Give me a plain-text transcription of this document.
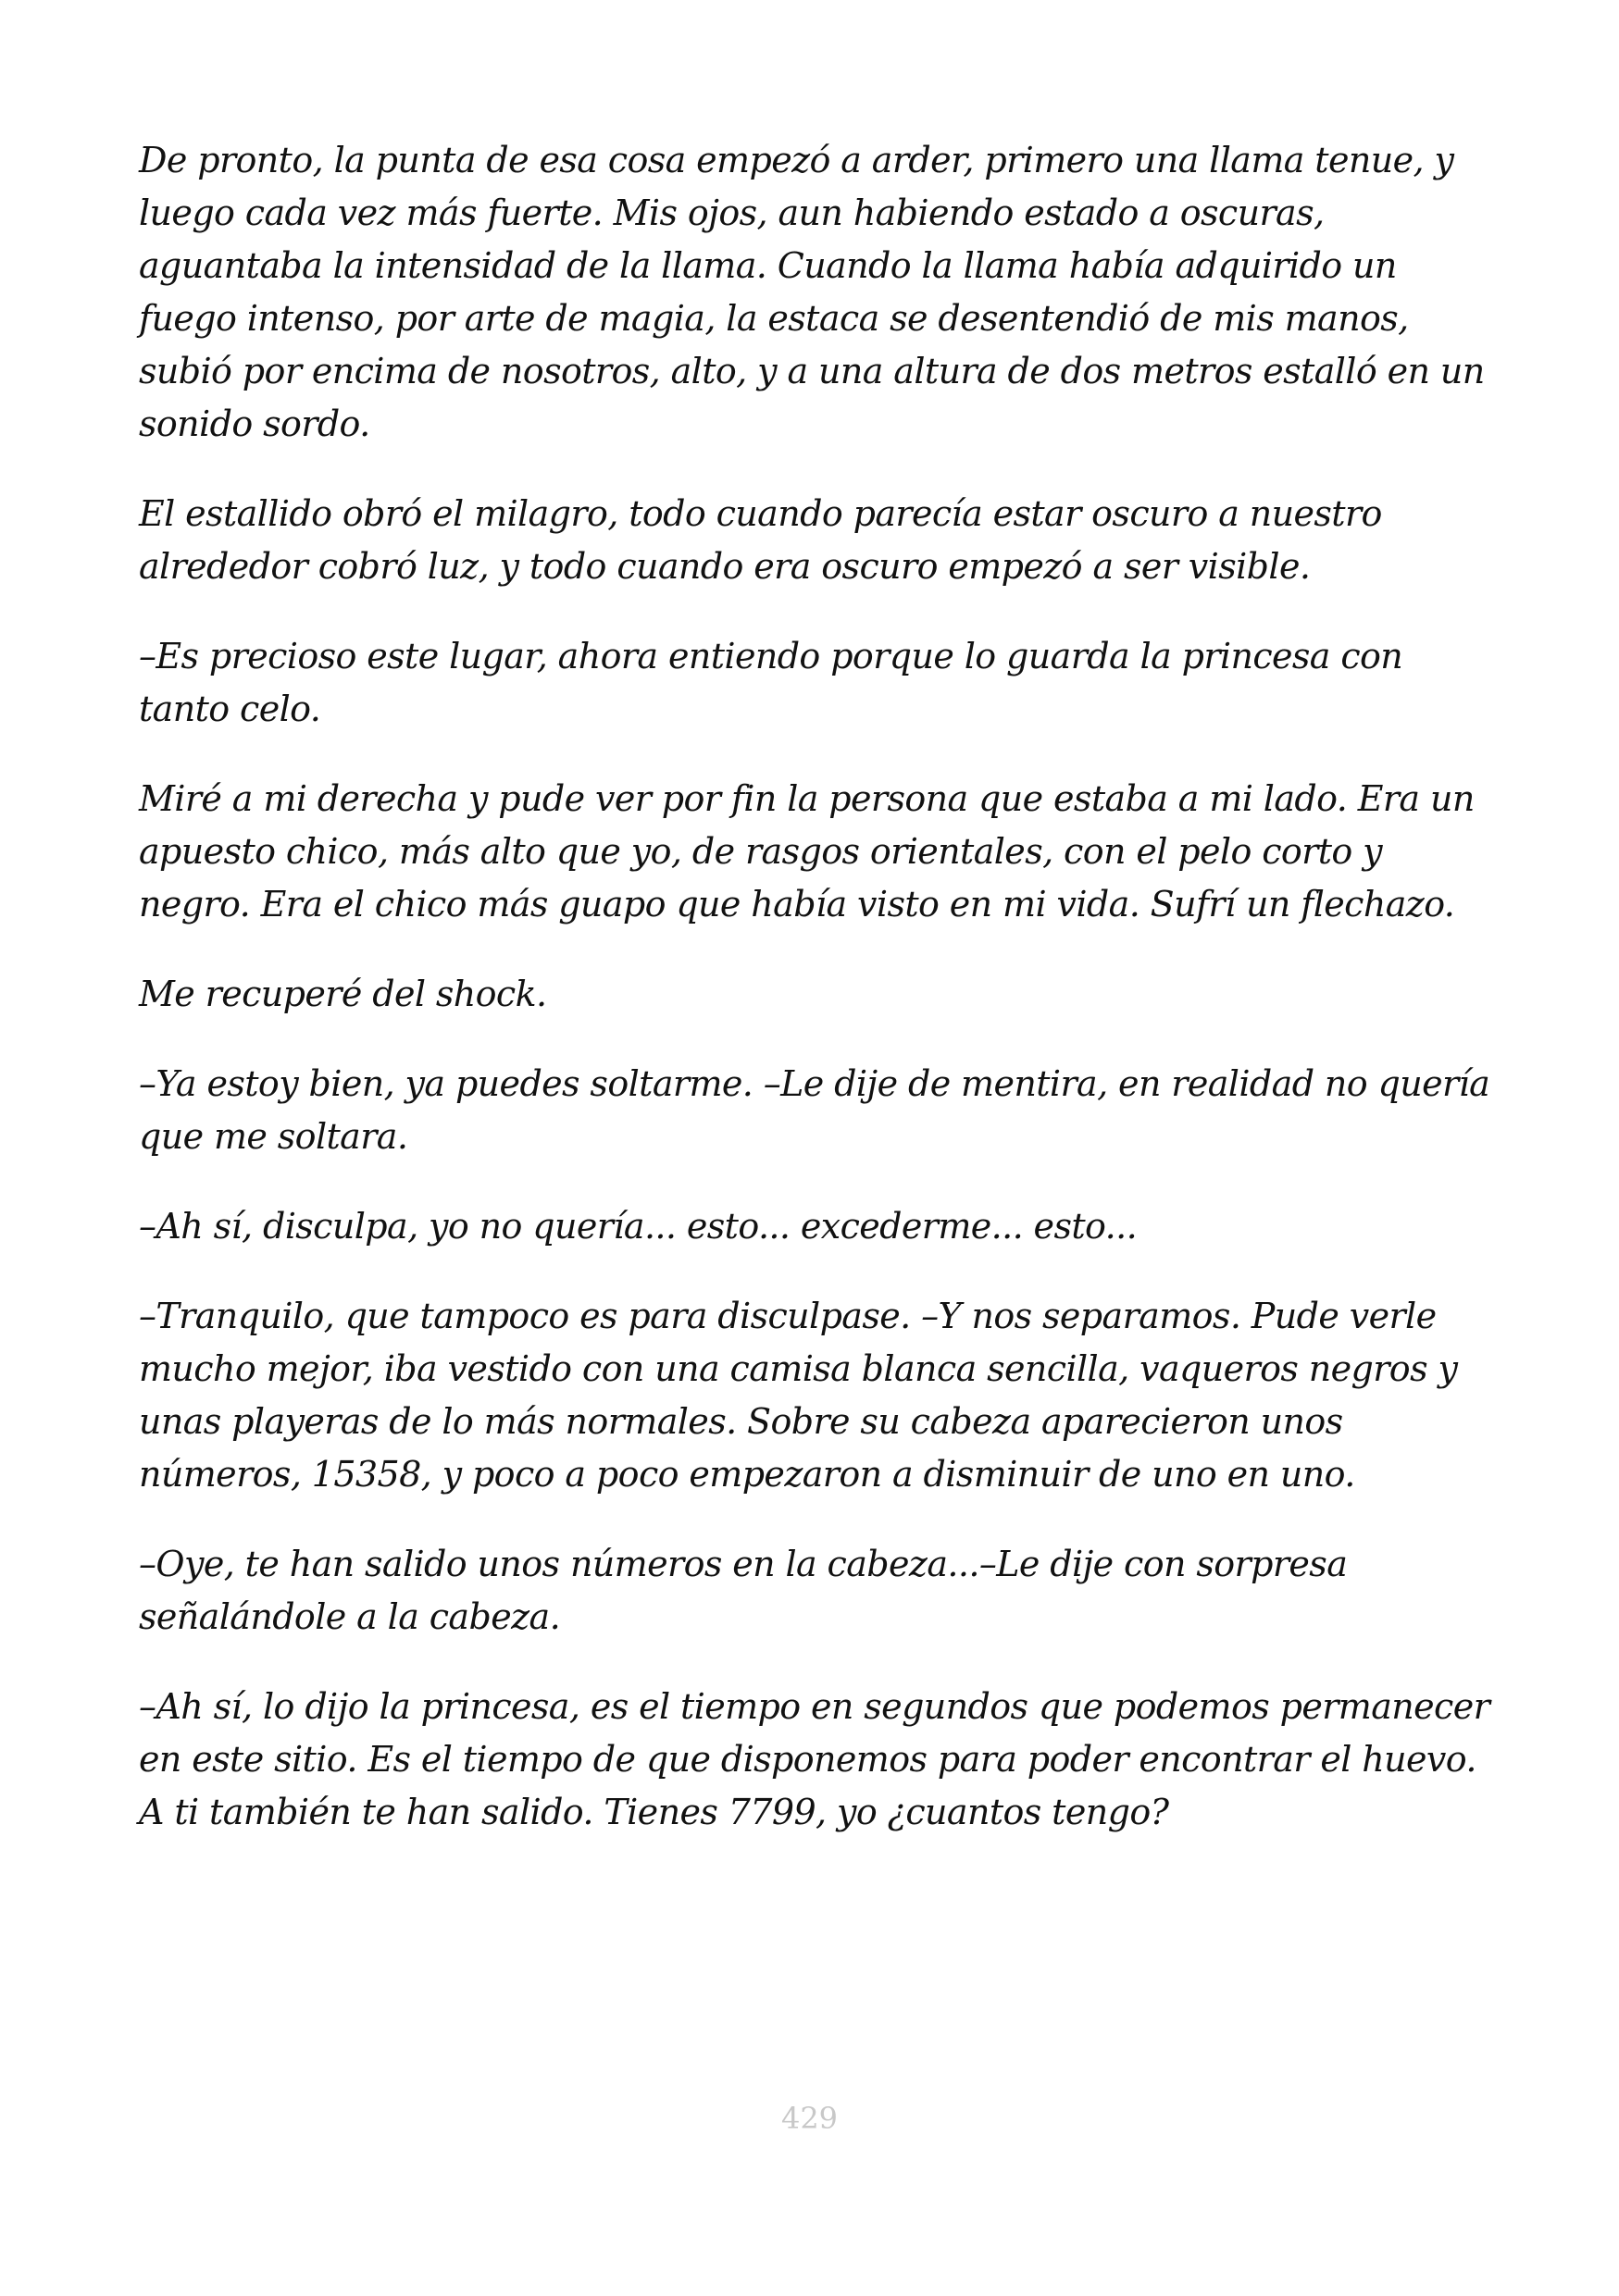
De pronto, la punta de esa cosa empezó a arder, primero una llama tenue, y luego cada vez más fuerte. Mis ojos, aun habiendo estado a oscuras, aguantaba la intensidad de la llama. Cuando la llama había adquirido un fuego intenso, por arte de magia, la estaca se desentendió de mis manos, subió por encima de nosotros, alto, y a una altura de dos metros estalló en un sonido sordo.

El estallido obró el milagro, todo cuando parecía estar oscuro a nuestro alrededor cobró luz, y todo cuando era oscuro empezó a ser visible.

–Es precioso este lugar, ahora entiendo porque lo guarda la princesa con tanto celo.

Miré a mi derecha y pude ver por fin la persona que estaba a mi lado. Era un apuesto chico, más alto que yo, de rasgos orientales, con el pelo corto y negro. Era el chico más guapo que había visto en mi vida. Sufrí un flechazo.

Me recuperé del shock.

–Ya estoy bien, ya puedes soltarme. –Le dije de mentira, en realidad no quería que me soltara.

–Ah sí, disculpa, yo no quería... esto... excederme... esto...

–Tranquilo, que tampoco es para disculpase. –Y nos separamos. Pude verle mucho mejor, iba vestido con una camisa blanca sencilla, vaqueros negros y unas playeras de lo más normales. Sobre su cabeza aparecieron unos números, 15358, y poco a poco empezaron a disminuir de uno en uno.

–Oye, te han salido unos números en la cabeza...–Le dije con sorpresa señalándole a la cabeza.

–Ah sí, lo dijo la princesa, es el tiempo en segundos que podemos permanecer en este sitio. Es el tiempo de que disponemos para poder encontrar el huevo. A ti también te han salido. Tienes 7799, yo ¿cuantos tengo?

429
